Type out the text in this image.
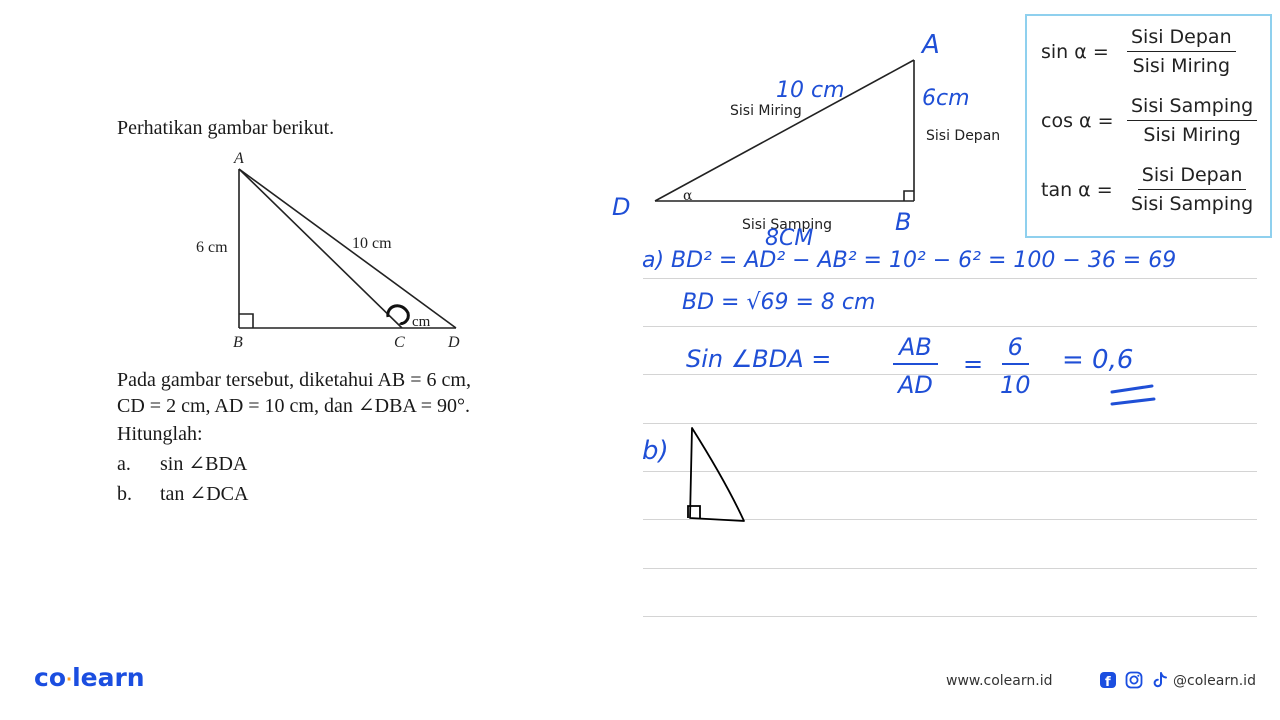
Perhatikan gambar berikut.
A
B	C	D
6 cm	10 cm
cm
Pada gambar tersebut, diketahui AB = 6 cm,
CD = 2 cm, AD = 10 cm, dan ∠DBA = 90°.
Hitunglah:
a. sin ∠BDA
b. tan ∠DCA
Sisi Miring
Sisi Depan
Sisi Samping
α
A
D
B
10 cm	6cm
8CM
$\sin \alpha = \frac{\text{Sisi Depan}}{\text{Sisi Miring}}$
$\cos \alpha = \frac{\text{Sisi Samping}}{\text{Sisi Miring}}$
$\tan \alpha = \frac{\text{Sisi Depan}}{\text{Sisi Samping}}$
a) BD² = AD² − AB² = 10² − 6² = 100 − 36 = 69
BD = √69 = 8 cm
Sin ∠BDA =	$\frac{AB}{AD} = \frac{6}{10} = 0,6$
b)
co·learn	www.colearn.id	f	@colearn.id
